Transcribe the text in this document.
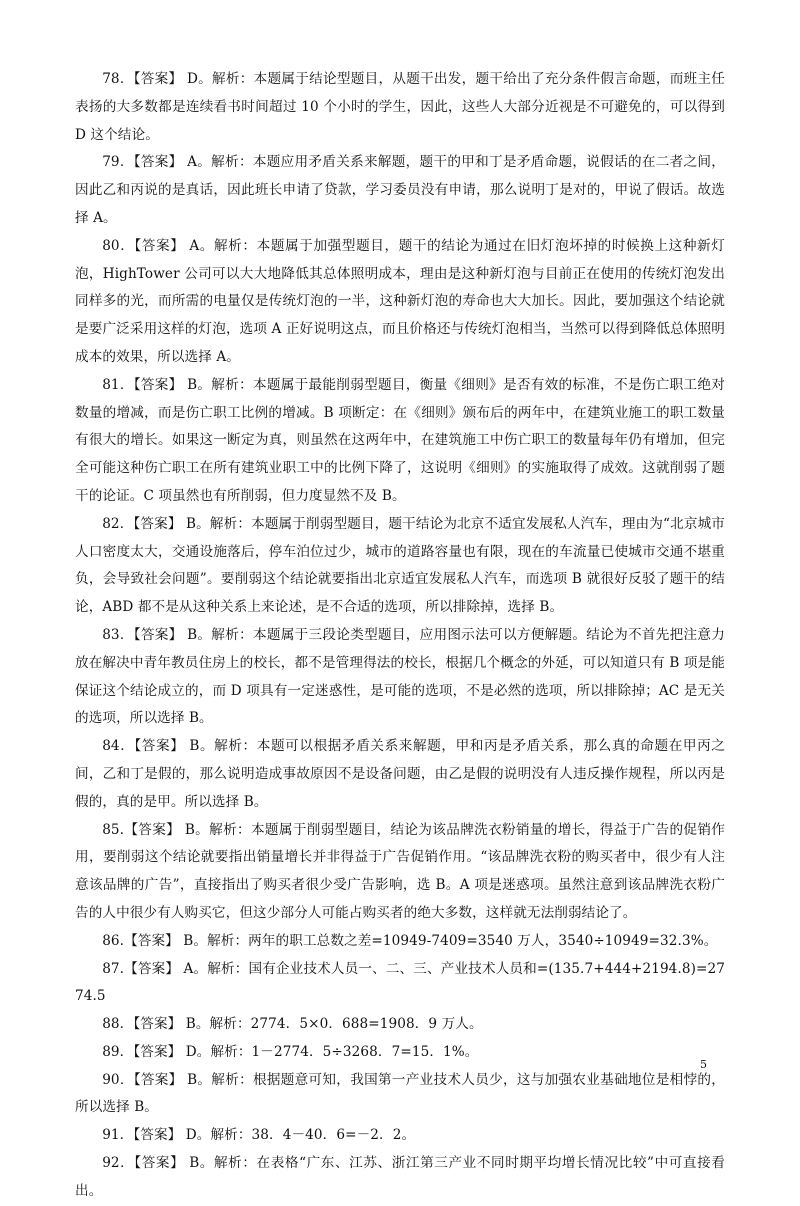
78．【答案】 D。解析：本题属于结论型题目，从题干出发，题干给出了充分条件假言命题，而班主任表扬的大多数都是连续看书时间超过 10 个小时的学生，因此，这些人大部分近视是不可避免的，可以得到 D 这个结论。

79．【答案】 A。解析：本题应用矛盾关系来解题，题干的甲和丁是矛盾命题，说假话的在二者之间，因此乙和丙说的是真话，因此班长申请了贷款，学习委员没有申请，那么说明丁是对的，甲说了假话。故选择 A。

80．【答案】 A。解析：本题属于加强型题目，题干的结论为通过在旧灯泡坏掉的时候换上这种新灯泡，HighTower 公司可以大大地降低其总体照明成本，理由是这种新灯泡与目前正在使用的传统灯泡发出同样多的光，而所需的电量仅是传统灯泡的一半，这种新灯泡的寿命也大大加长。因此，要加强这个结论就是要广泛采用这样的灯泡，选项 A 正好说明这点，而且价格还与传统灯泡相当，当然可以得到降低总体照明成本的效果，所以选择 A。

81．【答案】 B。解析：本题属于最能削弱型题目，衡量《细则》是否有效的标准，不是伤亡职工绝对数量的增减，而是伤亡职工比例的增减。B 项断定：在《细则》颁布后的两年中，在建筑业施工的职工数量有很大的增长。如果这一断定为真，则虽然在这两年中，在建筑施工中伤亡职工的数量每年仍有增加，但完全可能这种伤亡职工在所有建筑业职工中的比例下降了，这说明《细则》的实施取得了成效。这就削弱了题干的论证。C 项虽然也有所削弱，但力度显然不及 B。

82．【答案】 B。解析：本题属于削弱型题目，题干结论为北京不适宜发展私人汽车，理由为“北京城市人口密度太大，交通设施落后，停车泊位过少，城市的道路容量也有限，现在的车流量已使城市交通不堪重负，会导致社会问题”。要削弱这个结论就要指出北京适宜发展私人汽车，而选项 B 就很好反驳了题干的结论，ABD 都不是从这种关系上来论述，是不合适的选项，所以排除掉，选择 B。

83．【答案】 B。解析：本题属于三段论类型题目，应用图示法可以方便解题。结论为不首先把注意力放在解决中青年教员住房上的校长，都不是管理得法的校长，根据几个概念的外延，可以知道只有 B 项是能保证这个结论成立的，而 D 项具有一定迷惑性，是可能的选项，不是必然的选项，所以排除掉；AC 是无关的选项，所以选择 B。

84．【答案】 B。解析：本题可以根据矛盾关系来解题，甲和丙是矛盾关系，那么真的命题在甲丙之间，乙和丁是假的，那么说明造成事故原因不是设备问题，由乙是假的说明没有人违反操作规程，所以丙是假的，真的是甲。所以选择 B。

85.【答案】 B。解析：本题属于削弱型题目，结论为该品牌洗衣粉销量的增长，得益于广告的促销作用，要削弱这个结论就要指出销量增长并非得益于广告促销作用。“该品牌洗衣粉的购买者中，很少有人注意该品牌的广告”，直接指出了购买者很少受广告影响，选 B。A 项是迷惑项。虽然注意到该品牌洗衣粉广告的人中很少有人购买它，但这少部分人可能占购买者的绝大多数，这样就无法削弱结论了。

86.【答案】 B。解析：两年的职工总数之差=10949-7409=3540 万人，3540÷10949=32.3%。

87.【答案】 A。解析：国有企业技术人员一、二、三、产业技术人员和=(135.7+444+2194.8)=2774.5

88．【答案】 B。解析：2774．5×0．688=1908．9 万人。

89．【答案】 D。解析：1－2774．5÷3268．7=15．1%。

90．【答案】 B。解析：根据题意可知，我国第一产业技术人员少，这与加强农业基础地位是相悖的，所以选择 B。

91．【答案】 D。解析：38．4－40．6=－2．2。

92．【答案】 B。解析：在表格“广东、江苏、浙江第三产业不同时期平均增长情况比较”中可直接看出。

5
